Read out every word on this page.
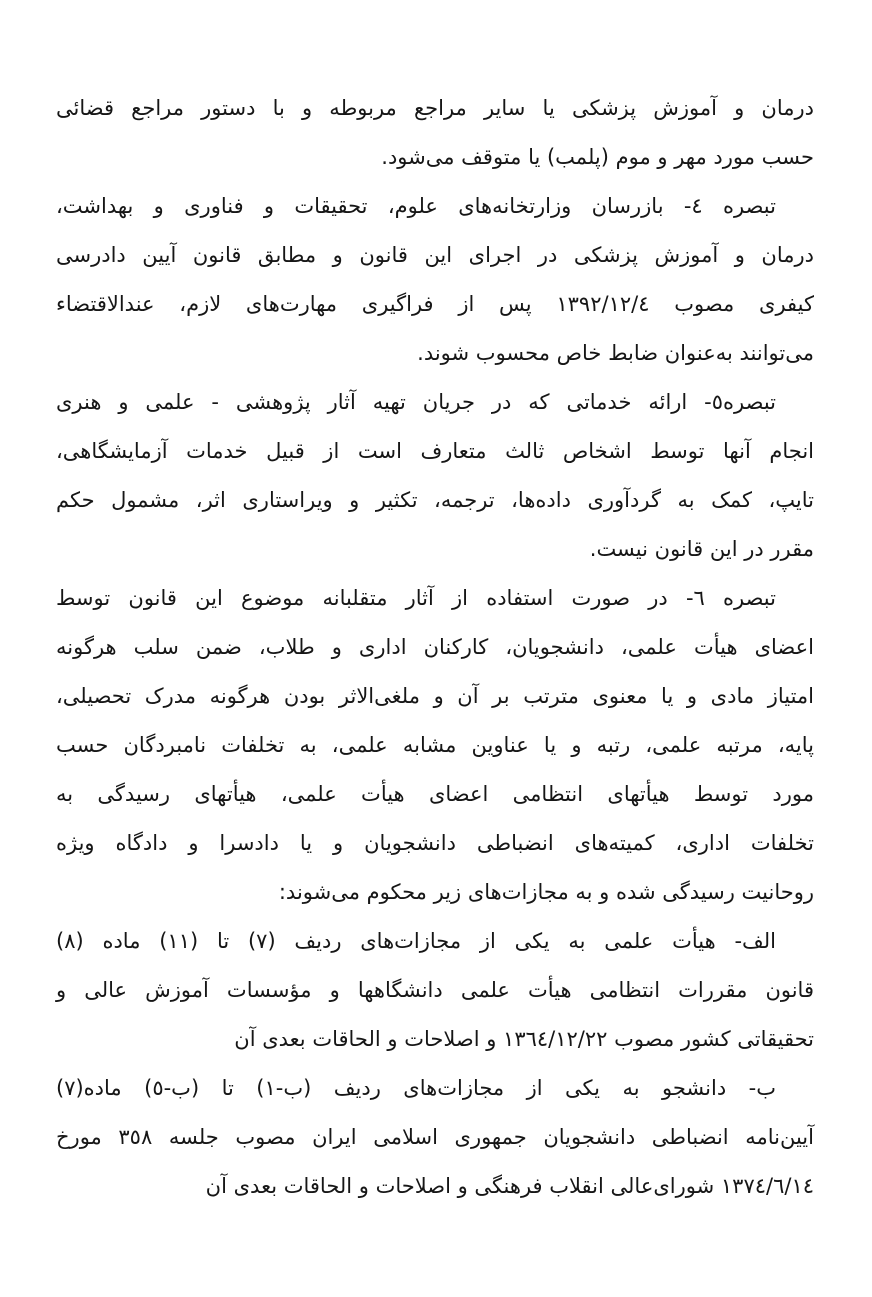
درمان و آموزش پزشکی یا سایر مراجع مربوطه و با دستور مراجع قضائی
حسب مورد مهر و موم (پلمب) یا متوقف می‌شود.
تبصره ٤- بازرسان وزارتخانه‌های علوم، تحقیقات و فناوری و بهداشت،
درمان و آموزش پزشکی در اجرای این قانون و مطابق قانون آیین دادرسی
کیفری مصوب ١٣٩٢/١٢/٤ پس از فراگیری مهارت‌های لازم، عندالاقتضاء
می‌توانند به‌عنوان ضابط خاص محسوب شوند.
تبصره٥- ارائه خدماتی که در جریان تهیه آثار پژوهشی - علمی و هنری
انجام آنها توسط اشخاص ثالث متعارف است از قبیل خدمات آزمایشگاهی،
تایپ، کمک به گردآوری داده‌ها، ترجمه، تکثیر و ویراستاری اثر، مشمول حکم
مقرر در این قانون نیست.
تبصره ٦- در صورت استفاده از آثار متقلبانه موضوع این قانون توسط
اعضای هیأت علمی، دانشجویان، کارکنان اداری و طلاب، ضمن سلب هرگونه
امتیاز مادی و یا معنوی مترتب بر آن و ملغی‌الاثر بودن هرگونه مدرک تحصیلی،
پایه، مرتبه علمی، رتبه و یا عناوین مشابه علمی، به تخلفات نامبردگان حسب
مورد توسط هیأتهای انتظامی اعضای هیأت علمی، هیأتهای رسیدگی به
تخلفات اداری، کمیته‌های انضباطی دانشجویان و یا دادسرا و دادگاه ویژه
روحانیت رسیدگی شده و به مجازات‌های زیر محکوم می‌شوند:
الف- هیأت علمی به یکی از مجازات‌های ردیف (٧) تا (١١) ماده (٨)
قانون مقررات انتظامی هیأت علمی دانشگاهها و مؤسسات آموزش عالی و
تحقیقاتی کشور مصوب ١٣٦٤/١٢/٢٢ و اصلاحات و الحاقات بعدی آن
ب- دانشجو به یکی از مجازات‌های ردیف (ب-١) تا (ب-٥) ماده(٧)
آیین‌نامه انضباطی دانشجویان جمهوری اسلامی ایران مصوب جلسه ٣٥٨ مورخ
١٣٧٤/٦/١٤ شورای‌عالی انقلاب فرهنگی و اصلاحات و الحاقات بعدی آن
